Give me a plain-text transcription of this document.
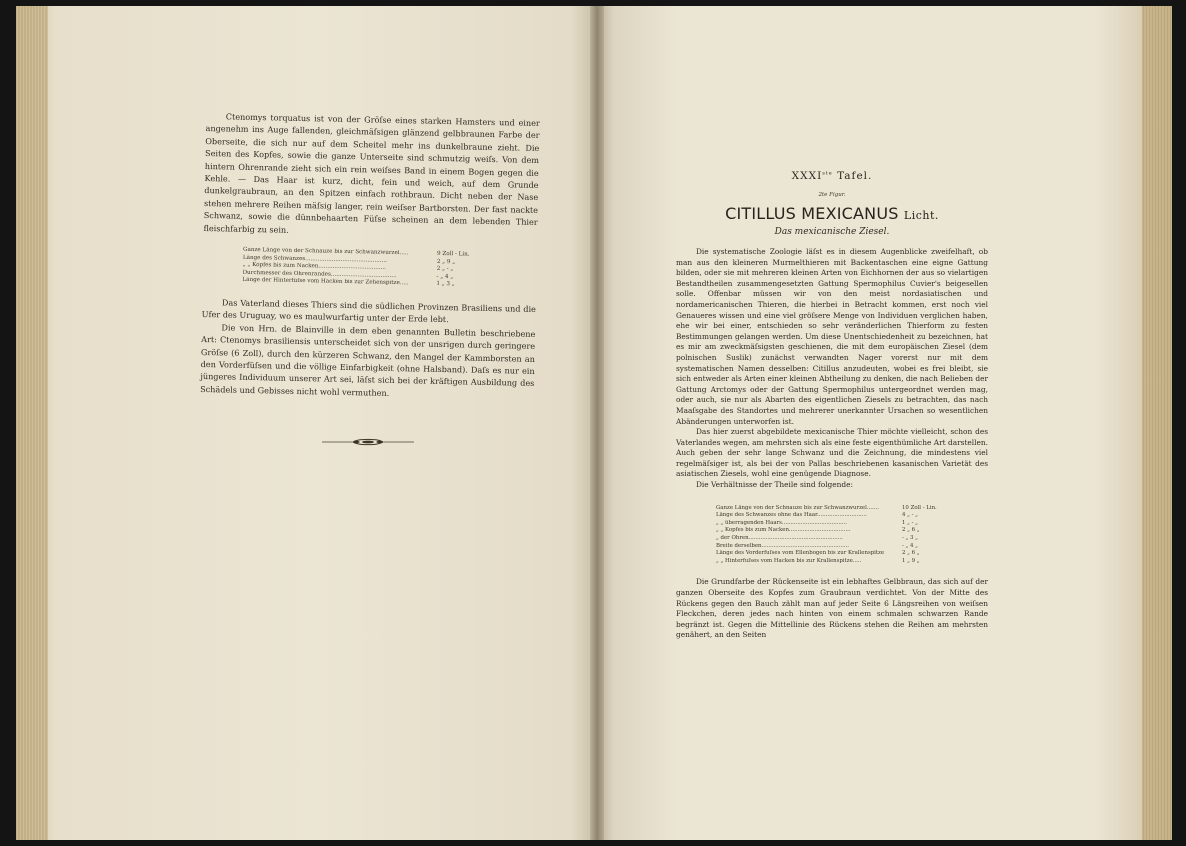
Ctenomys torquatus ist von der Gröſse eines starken Hamsters und einer angenehm ins Auge fallenden, gleichmäſsigen glänzend gelbbraunen Farbe der Oberseite, die sich nur auf dem Scheitel mehr ins dunkelbraune zieht. Die Seiten des Kopfes, sowie die ganze Unterseite sind schmutzig weiſs. Von dem hintern Ohrenrande zieht sich ein rein weiſses Band in einem Bogen gegen die Kehle. — Das Haar ist kurz, dicht, fein und weich, auf dem Grunde dunkelgraubraun, an den Spitzen einfach rothbraun. Dicht neben der Nase stehen mehrere Reihen mäſsig langer, rein weiſser Bartborsten. Der fast nackte Schwanz, sowie die dünnbehaarten Füſse scheinen an dem lebenden Thier fleischfarbig zu sein.

Ganze Länge von der Schnauze bis zur Schwanzwurzel.....	9 Zoll - Lin.
Länge des Schwanzes..............................................	2 „ 9 „
„ „ Kopfes bis zum Nacken......................................	2 „ - „
Durchmesser des Ohrenrandes.....................................	- „ 4 „
Länge der Hinterfüſse vom Hacken bis zur Zehenspitze.....	1 „ 3 „

Das Vaterland dieses Thiers sind die südlichen Provinzen Brasiliens und die Ufer des Uruguay, wo es maulwurfartig unter der Erde lebt.

Die von Hrn. de Blainville in dem eben genannten Bulletin beschriebene Art: Ctenomys brasiliensis unterscheidet sich von der unsrigen durch geringere Gröſse (6 Zoll), durch den kürzeren Schwanz, den Mangel der Kammborsten an den Vorderfüſsen und die völlige Einfarbigkeit (ohne Halsband). Daſs es nur ein jüngeres Individuum unserer Art sei, läſst sich bei der kräftigen Ausbildung des Schädels und Gebisses nicht wohl vermuthen.

XXXIste Tafel.

2te Figur.

CITILLUS MEXICANUS Licht.

Das mexicanische Ziesel.

Die systematische Zoologie läſst es in diesem Augenblicke zweifelhaft, ob man aus den kleineren Murmelthieren mit Backentaschen eine eigne Gattung bilden, oder sie mit mehreren kleinen Arten von Eichhornen der aus so vielartigen Bestandtheilen zusammengesetzten Gattung Spermophilus Cuvier's beigesellen solle. Offenbar müssen wir von den meist nordasiatischen und nordamericanischen Thieren, die hierbei in Betracht kommen, erst noch viel Genaueres wissen und eine viel gröſsere Menge von Individuen verglichen haben, ehe wir bei einer, entschieden so sehr veränderlichen Thierform zu festen Bestimmungen gelangen werden. Um diese Unentschiedenheit zu bezeichnen, hat es mir am zweckmäſsigsten geschienen, die mit dem europäischen Ziesel (dem polnischen Suslik) zunächst verwandten Nager vorerst nur mit dem systematischen Namen desselben: Citillus anzudeuten, wobei es frei bleibt, sie sich entweder als Arten einer kleinen Abtheilung zu denken, die nach Belieben der Gattung Arctomys oder der Gattung Spermophilus untergeordnet werden mag, oder auch, sie nur als Abarten des eigentlichen Ziesels zu betrachten, das nach Maaſsgabe des Standortes und mehrerer unerkannter Ursachen so wesentlichen Abänderungen unterworfen ist.

Das hier zuerst abgebildete mexicanische Thier möchte vielleicht, schon des Vaterlandes wegen, am mehrsten sich als eine feste eigenthümliche Art darstellen. Auch geben der sehr lange Schwanz und die Zeichnung, die mindestens viel regelmäſsiger ist, als bei der von Pallas beschriebenen kasanischen Varietät des asiatischen Ziesels, wohl eine genügende Diagnose.

Die Verhältnisse der Theile sind folgende:

Ganze Länge von der Schnauze bis zur Schwanzwurzel.......	10 Zoll - Lin.
Länge des Schwanzes ohne das Haar.............................	4 „ - „
„ „ überragenden Haars......................................	1 „ - „
„ „ Kopfes bis zum Nacken....................................	2 „ 6 „
„ der Ohren.......................................................	- „ 3 „
Breite derselben...................................................	- „ 4 „
Länge des Vorderfuſses vom Ellenbogen bis zur Krallenspitze	2 „ 6 „
„ „ Hinterfuſses vom Hacken bis zur Krallenspitze.....	1 „ 9 „

Die Grundfarbe der Rückenseite ist ein lebhaftes Gelbbraun, das sich auf der ganzen Oberseite des Kopfes zum Graubraun verdichtet. Von der Mitte des Rückens gegen den Bauch zählt man auf jeder Seite 6 Längsreihen von weiſsen Fleckchen, deren jedes nach hinten von einem schmalen schwarzen Rande begränzt ist. Gegen die Mittellinie des Rückens stehen die Reihen am mehrsten genähert, an den Seiten
